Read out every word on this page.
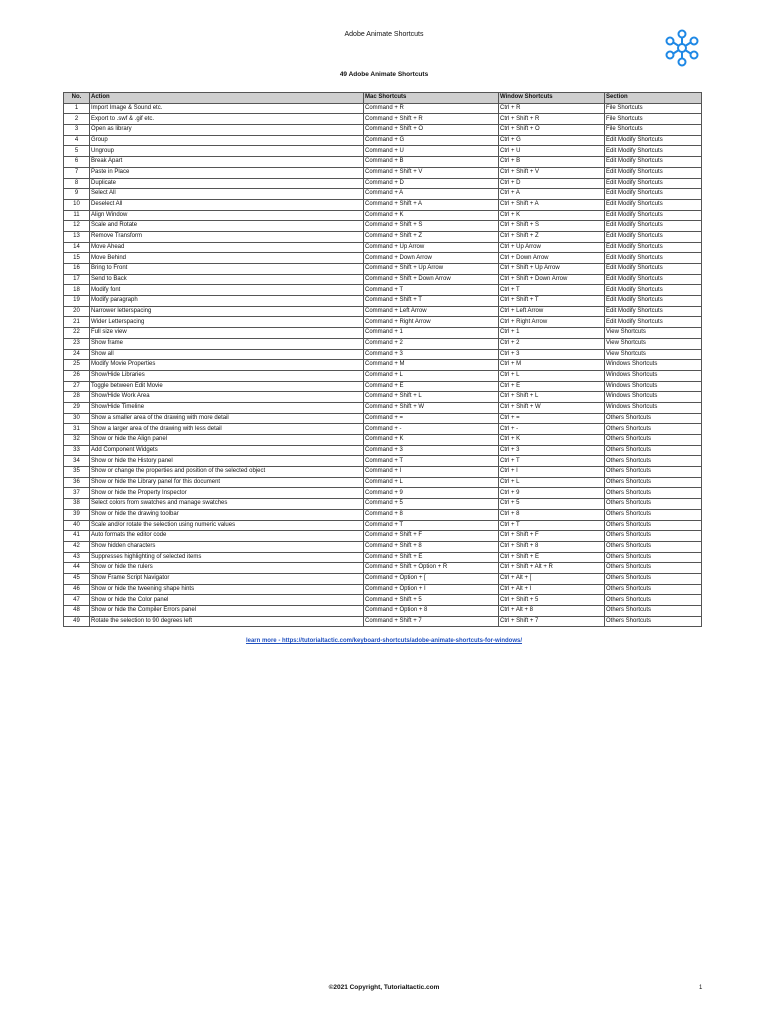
Adobe Animate Shortcuts
49 Adobe Animate Shortcuts
No.	Action	Mac Shortcuts	Window Shortcuts	Section
1	Import Image & Sound etc.	Command + R	Ctrl + R	File Shortcuts
2	Export to .swf & .gif etc.	Command + Shift + R	Ctrl + Shift + R	File Shortcuts
3	Open as library	Command + Shift + O	Ctrl + Shift + O	File Shortcuts
4	Group	Command + G	Ctrl + G	Edit Modify Shortcuts
5	Ungroup	Command + U	Ctrl + U	Edit Modify Shortcuts
6	Break Apart	Command + B	Ctrl + B	Edit Modify Shortcuts
7	Paste in Place	Command + Shift + V	Ctrl + Shift + V	Edit Modify Shortcuts
8	Duplicate	Command + D	Ctrl + D	Edit Modify Shortcuts
9	Select All	Command + A	Ctrl + A	Edit Modify Shortcuts
10	Deselect All	Command + Shift + A	Ctrl + Shift + A	Edit Modify Shortcuts
11	Align Window	Command + K	Ctrl + K	Edit Modify Shortcuts
12	Scale and Rotate	Command + Shift + S	Ctrl + Shift + S	Edit Modify Shortcuts
13	Remove Transform	Command + Shift + Z	Ctrl + Shift + Z	Edit Modify Shortcuts
14	Move Ahead	Command + Up Arrow	Ctrl + Up Arrow	Edit Modify Shortcuts
15	Move Behind	Command + Down Arrow	Ctrl + Down Arrow	Edit Modify Shortcuts
16	Bring to Front	Command + Shift + Up Arrow	Ctrl + Shift + Up Arrow	Edit Modify Shortcuts
17	Send to Back	Command + Shift + Down Arrow	Ctrl + Shift + Down Arrow	Edit Modify Shortcuts
18	Modify font	Command + T	Ctrl + T	Edit Modify Shortcuts
19	Modify paragraph	Command + Shift + T	Ctrl + Shift + T	Edit Modify Shortcuts
20	Narrower letterspacing	Command + Left Arrow	Ctrl + Left Arrow	Edit Modify Shortcuts
21	Wider Letterspacing	Command + Right Arrow	Ctrl + Right Arrow	Edit Modify Shortcuts
22	Full size view	Command + 1	Ctrl + 1	View Shortcuts
23	Show frame	Command + 2	Ctrl + 2	View Shortcuts
24	Show all	Command + 3	Ctrl + 3	View Shortcuts
25	Modify Movie Properties	Command + M	Ctrl + M	Windows Shortcuts
26	Show/Hide Libraries	Command + L	Ctrl + L	Windows Shortcuts
27	Toggle between Edit Movie	Command + E	Ctrl + E	Windows Shortcuts
28	Show/Hide Work Area	Command + Shift + L	Ctrl + Shift + L	Windows Shortcuts
29	Show/Hide Timeline	Command + Shift + W	Ctrl + Shift + W	Windows Shortcuts
30	Show a smaller area of the drawing with more detail	Command + =	Ctrl + =	Others Shortcuts
31	Show a larger area of the drawing with less detail	Command + -	Ctrl + -	Others Shortcuts
32	Show or hide the Align panel	Command + K	Ctrl + K	Others Shortcuts
33	Add Component Widgets	Command + 3	Ctrl + 3	Others Shortcuts
34	Show or hide the History panel	Command + T	Ctrl + T	Others Shortcuts
35	Show or change the properties and position of the selected object	Command + I	Ctrl + I	Others Shortcuts
36	Show or hide the Library panel for this document	Command + L	Ctrl + L	Others Shortcuts
37	Show or hide the Property Inspector	Command + 9	Ctrl + 9	Others Shortcuts
38	Select colors from swatches and manage swatches	Command + 5	Ctrl + 5	Others Shortcuts
39	Show or hide the drawing toolbar	Command + 8	Ctrl + 8	Others Shortcuts
40	Scale and/or rotate the selection using numeric values	Command + T	Ctrl + T	Others Shortcuts
41	Auto formats the editor code	Command + Shift + F	Ctrl + Shift + F	Others Shortcuts
42	Show hidden characters	Command + Shift + 8	Ctrl + Shift + 8	Others Shortcuts
43	Suppresses highlighting of selected items	Command + Shift + E	Ctrl + Shift + E	Others Shortcuts
44	Show or hide the rulers	Command + Shift + Option + R	Ctrl + Shift + Alt + R	Others Shortcuts
45	Show Frame Script Navigator	Command + Option + [	Ctrl + Alt + [	Others Shortcuts
46	Show or hide the tweening shape hints	Command + Option + I	Ctrl + Alt + I	Others Shortcuts
47	Show or hide the Color panel	Command + Shift + 5	Ctrl + Shift + 5	Others Shortcuts
48	Show or hide the Compiler Errors panel	Command + Option + 8	Ctrl + Alt + 8	Others Shortcuts
49	Rotate the selection to 90 degrees left	Command + Shift + 7	Ctrl + Shift + 7	Others Shortcuts
learn more - https://tutorialtactic.com/keyboard-shortcuts/adobe-animate-shortcuts-for-windows/
©2021 Copyright, Tutorialtactic.com	1
